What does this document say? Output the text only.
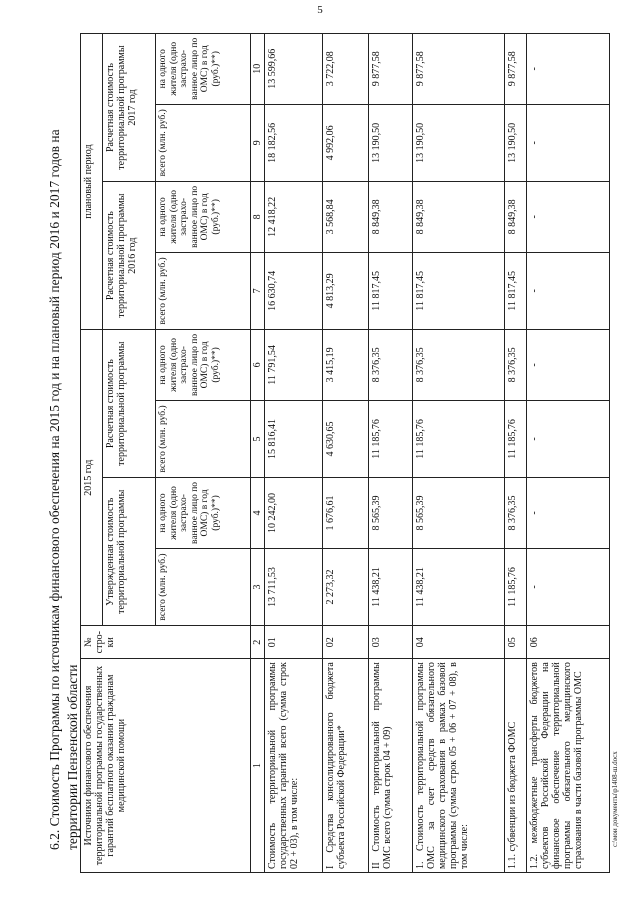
5
6.2. Стоимость Программы по источникам финансового обеспечения на 2015 год и на плановый период 2016 и 2017 годов на территории Пензенской области Источники финансового обеспечения территориальной программы государственных гарантий бесплатного оказания гражданам медицинской помощи	№ стро-ки	2015 год				плановый период			
		Утвержденная стоимость территориальной программы		Расчетная стоимость территориальной программы		Расчетная стоимость территориальной программы 2016 год		Расчетная стоимость территориальной программы 2017 год	
		всего (млн. руб.)	на одного жителя (одно застрахо-ванное лицо по ОМС) в год (руб.)**)	всего (млн. руб.)	на одного жителя (одно застрахо-ванное лицо по ОМС) в год (руб.)**)	всего (млн. руб.)	на одного жителя (одно застрахо-ванное лицо по ОМС) в год (руб.)**)	всего (млн. руб.)	на одного жителя (одно застрахо-ванное лицо по ОМС) в год (руб.)**)
1	2	3	4	5	6	7	8	9	10
Стоимость территориальной программы государственных гарантий всего (сумма строк 02 + 03), в том числе:	01	13 711,53	10 242,00	15 816,41	11 791,54	16 630,74	12 418,22	18 182,56	13 599,66
I Средства консолидированного бюджета субъекта Российской Федерации*	02	2 273,32	1 676,61	4 630,65	3 415,19	4 813,29	3 568,84	4 992,06	3 722,08
II Стоимость территориальной программы ОМС всего (сумма строк 04 + 09)	03	11 438,21	8 565,39	11 185,76	8 376,35	11 817,45	8 849,38	13 190,50	9 877,58
1. Стоимость территориальной программы ОМС за счет средств обязательного медицинского страхования в рамках базовой программы (сумма строк 05 + 06 + 07 + 08), в том числе:	04	11 438,21	8 565,39	11 185,76	8 376,35	11 817,45	8 849,38	13 190,50	9 877,58
1.1. субвенции из бюджета ФОМС	05	11 185,76	8 376,35	11 185,76	8 376,35	11 817,45	8 849,38	13 190,50	9 877,58
1.2. межбюджетные трансферты бюджетов субъектов Российской Федерации на финансовое обеспечение территориальной программы обязательного медицинского страхования в части базовой программы ОМС	06	-	-	-	-	-	-	-	-
c:\мои документы\р1408-ш.docx
